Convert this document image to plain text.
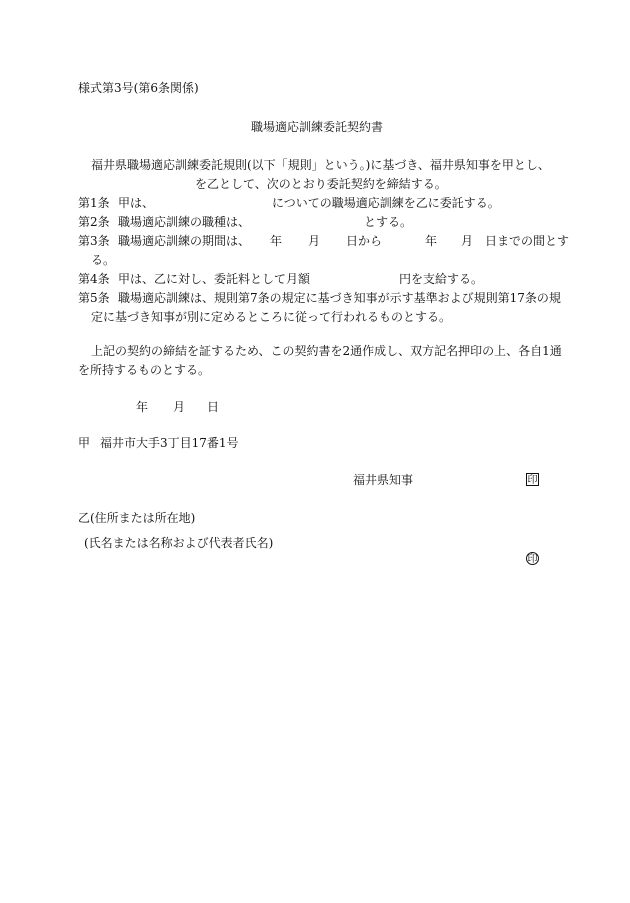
様式第3号(第6条関係)
職場適応訓練委託契約書
福井県職場適応訓練委託規則(以下「規則」という。)に基づき、福井県知事を甲とし、
を乙として、次のとおり委託契約を締結する。
第1条 甲は、	についての職場適応訓練を乙に委託する。
第2条 職場適応訓練の職種は、	とする。
第3条 職場適応訓練の期間は、 年 月 日から	年 月 日までの間とす
る。
第4条 甲は、乙に対し、委託料として月額	円を支給する。
第5条 職場適応訓練は、規則第7条の規定に基づき知事が示す基準および規則第17条の規
定に基づき知事が別に定めるところに従って行われるものとする。
上記の契約の締結を証するため、この契約書を2通作成し、双方記名押印の上、各自1通
を所持するものとする。
年 月 日
甲 福井市大手3丁目17番1号
福井県知事	印
乙(住所または所在地)
(氏名または名称および代表者氏名)
印
